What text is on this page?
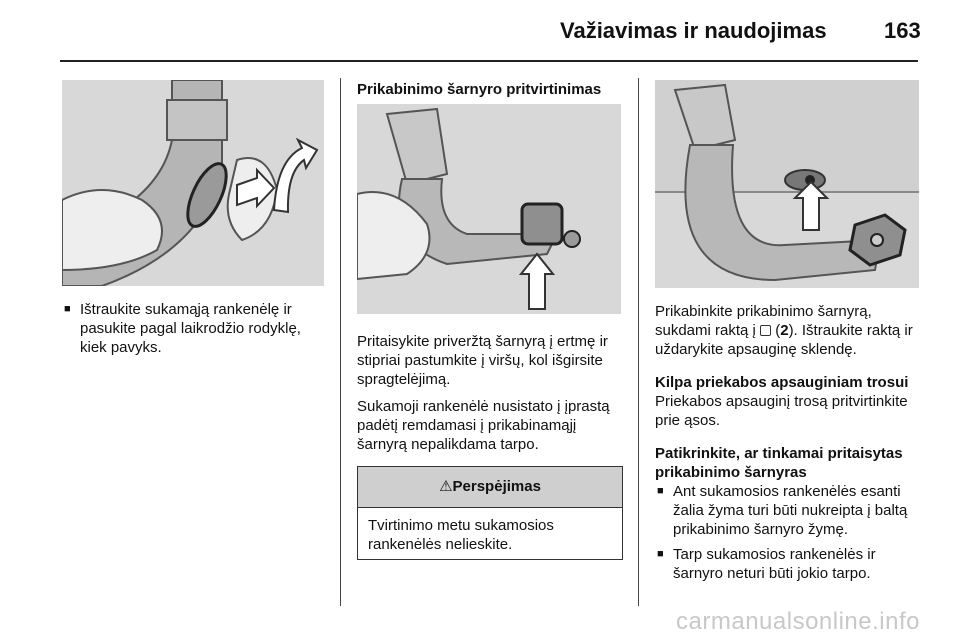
Važiavimas ir naudojimas	163

■ Ištraukite sukamąją rankenėlę ir pasukite pagal laikrodžio rodyklę, kiek pavyks.

Prikabinimo šarnyro pritvirtinimas

Pritaisykite priveržtą šarnyrą į ertmę ir stipriai pastumkite į viršų, kol išgirsite spragtelėjimą.

Sukamoji rankenėlė nusistato į įprastą padėtį remdamasi į prikabinamąjį šarnyrą nepalikdama tarpo.

⚠Perspėjimas
Tvirtinimo metu sukamosios rankenėlės nelieskite.

Prikabinkite prikabinimo šarnyrą, sukdami raktą į  (2). Ištraukite raktą ir uždarykite apsauginę sklendę.

Kilpa priekabos apsauginiam trosui

Priekabos apsauginį trosą pritvirtinkite prie ąsos.

Patikrinkite, ar tinkamai pritaisytas prikabinimo šarnyras

■ Ant sukamosios rankenėlės esanti žalia žyma turi būti nukreipta į baltą prikabinimo šarnyro žymę.

■ Tarp sukamosios rankenėlės ir šarnyro neturi būti jokio tarpo.

carmanualsonline.info
